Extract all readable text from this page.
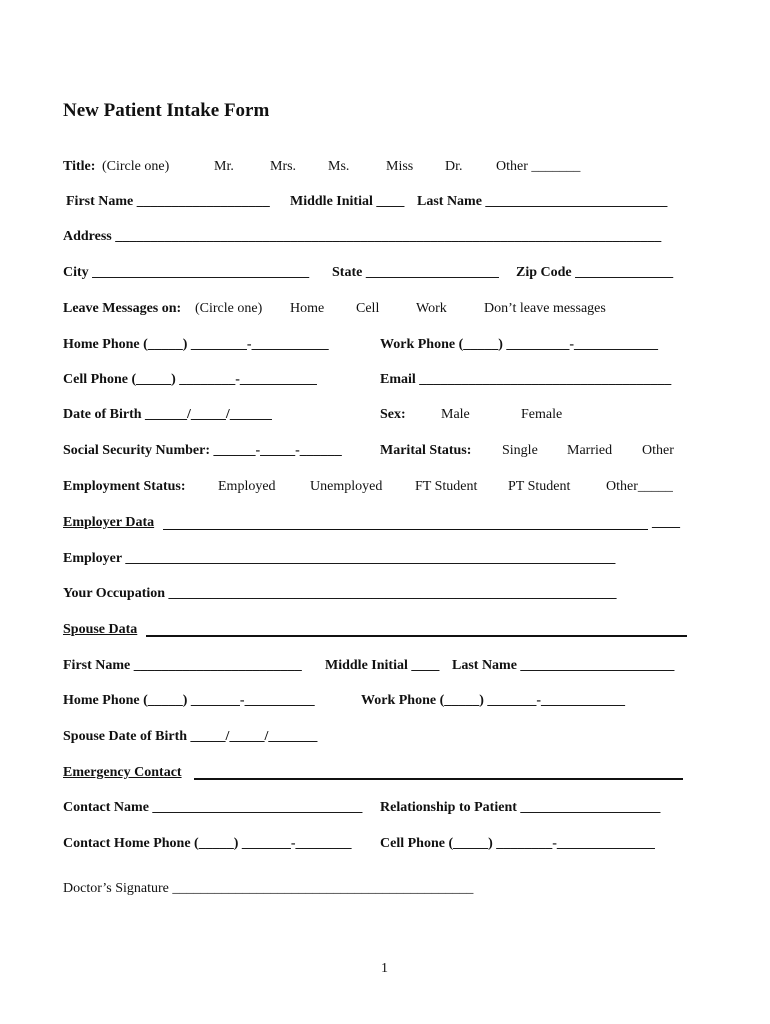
New Patient Intake Form
Title: (Circle one)	Mr.	Mrs. Ms.	Miss Dr. Other _______
First Name ___________________ Middle Initial ____ Last Name __________________________
Address ______________________________________________________________________________
City _______________________________ State ___________________ Zip Code ______________
Leave Messages on: (Circle one) Home Cell	Work	Don’t leave messages
Home Phone (_____) ________-___________	Work Phone (_____) _________-____________
Cell Phone (_____) ________-___________	Email ____________________________________
Date of Birth ______/_____/______	Sex:	Male	Female
Social Security Number: ______-_____-______	Marital Status: Single Married Other
Employment Status: Employed Unemployed FT Student PT Student	Other_____
Employer Data	____
Employer ______________________________________________________________________
Your Occupation ________________________________________________________________
Spouse Data
First Name ________________________ Middle Initial ____ Last Name ______________________
Home Phone (_____) _______-__________	Work Phone (_____) _______-____________
Spouse Date of Birth _____/_____/_______
Emergency Contact
Contact Name ______________________________ Relationship to Patient ____________________
Contact Home Phone (_____) _______-________ Cell Phone (_____) ________-______________
Doctor’s Signature ___________________________________________
1
